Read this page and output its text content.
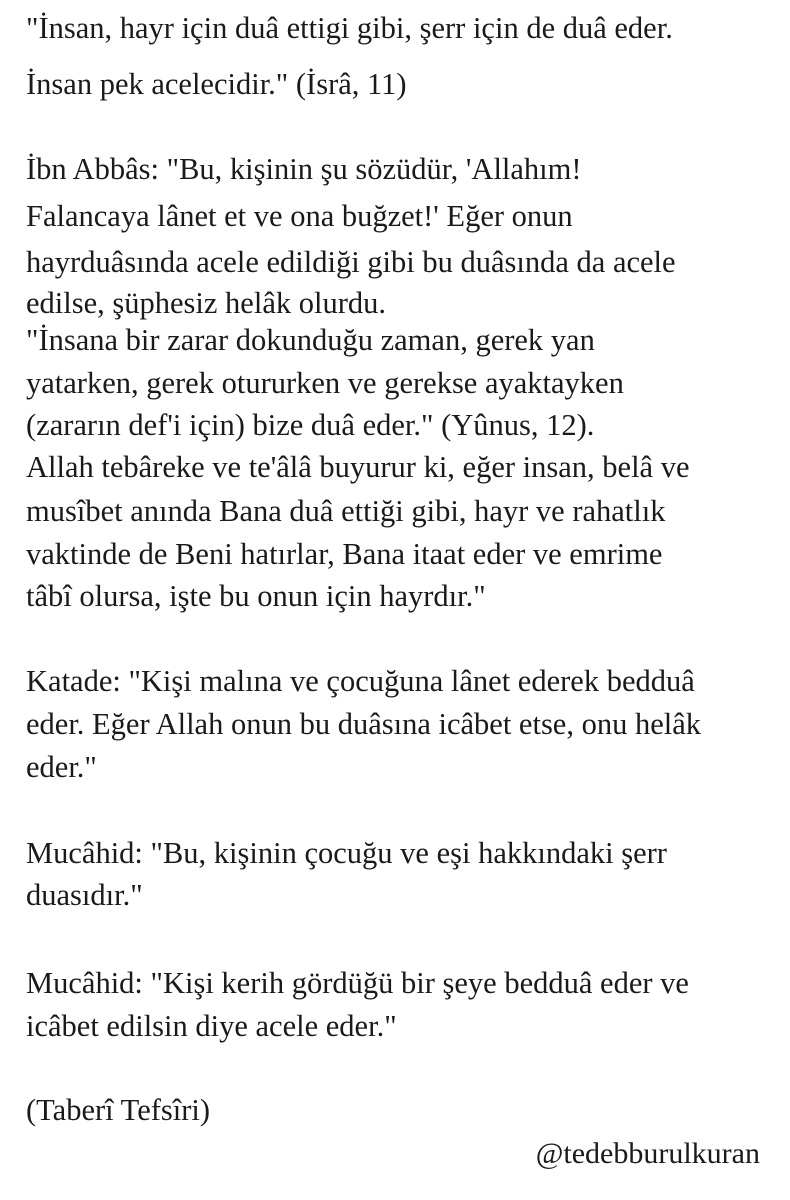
"İnsan, hayr için duâ ettigi gibi, şerr için de duâ eder.
İnsan pek acelecidir." (İsrâ, 11)
İbn Abbâs: "Bu, kişinin şu sözüdür, 'Allahım!
Falancaya lânet et ve ona buğzet!' Eğer onun
hayrduâsında acele edildiği gibi bu duâsında da acele
edilse, şüphesiz helâk olurdu.
"İnsana bir zarar dokunduğu zaman, gerek yan
yatarken, gerek otururken ve gerekse ayaktayken
(zararın def'i için) bize duâ eder." (Yûnus, 12).
Allah tebâreke ve te'âlâ buyurur ki, eğer insan, belâ ve
musîbet anında Bana duâ ettiği gibi, hayr ve rahatlık
vaktinde de Beni hatırlar, Bana itaat eder ve emrime
tâbî olursa, işte bu onun için hayrdır."
Katade: "Kişi malına ve çocuğuna lânet ederek bedduâ
eder. Eğer Allah onun bu duâsına icâbet etse, onu helâk
eder."
Mucâhid: "Bu, kişinin çocuğu ve eşi hakkındaki şerr
duasıdır."
Mucâhid: "Kişi kerih gördüğü bir şeye bedduâ eder ve
icâbet edilsin diye acele eder."
(Taberî Tefsîri)
@tedebburulkuran
